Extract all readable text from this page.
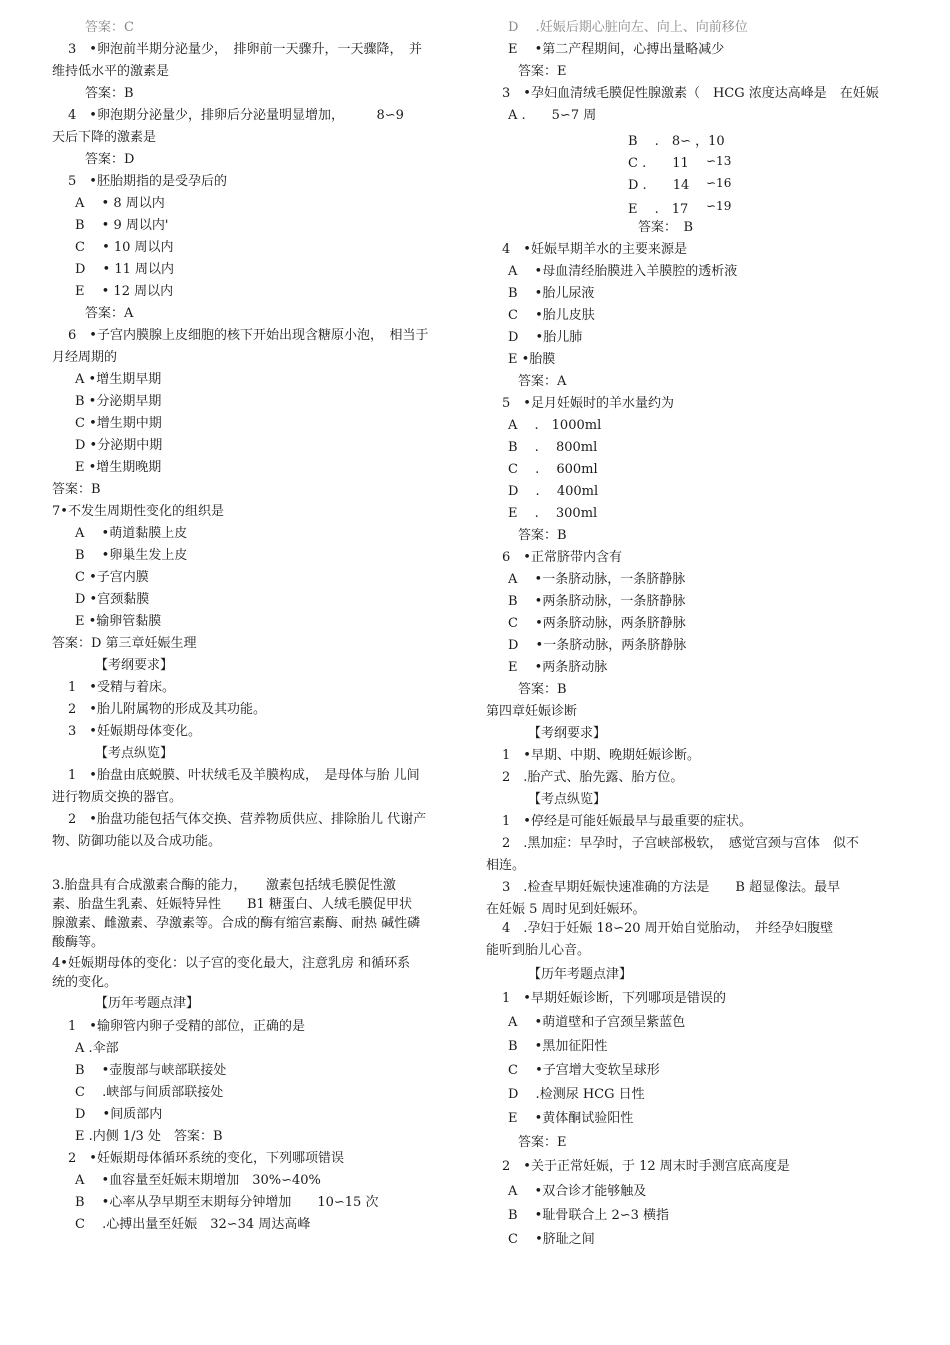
答案：C
3　•卵泡前半期分泌量少，　排卵前一天骤升，一天骤降，　并
维持低水平的激素是
答案：B
4　•卵泡期分泌量少，排卵后分泌量明显增加，　　　8∽9
天后下降的激素是
答案：D
5　•胚胎期指的是受孕后的
A　 • 8 周以内
B　 • 9 周以内'
C　 • 10 周以内
D　 • 11 周以内
E　 • 12 周以内
答案：A
6　•子宫内膜腺上皮细胞的核下开始出现含糖原小泡，　相当于
月经周期的
A •增生期早期
B •分泌期早期
C •增生期中期
D •分泌期中期
E •增生期晚期
答案：B
7•不发生周期性变化的组织是
A　 •萌道黏膜上皮
B　 •卵巢生发上皮
C •子宫内膜
D •宫颈黏膜
E •输卵管黏膜
答案：D 第三章妊娠生理
【考纲要求】
1　•受精与着床。
2　•胎儿附属物的形成及其功能。
3　•妊娠期母体变化。
【考点纵览】
1　•胎盘由底蜕膜、叶状绒毛及羊膜构成，　是母体与胎 儿间
进行物质交换的器官。
2　•胎盘功能包括气体交换、营养物质供应、排除胎儿 代谢产
物、防御功能以及合成功能。
3.胎盘具有合成激素合酶的能力，　　激素包括绒毛膜促性激
素、胎盘生乳素、妊娠特异性　　B1 糖蛋白、人绒毛膜促甲状
腺激素、雌激素、孕激素等。合成的酶有缩宫素酶、耐热 碱性磷
酸酶等。
4•妊娠期母体的变化：以子宫的变化最大，注意乳房 和循环系
统的变化。
【历年考题点津】
1　•输卵管内卵子受精的部位，正确的是
A .伞部
B　 •壶腹部与峡部联接处
C　 .峡部与间质部联接处
D　 •间质部内
E .内侧 1/3 处　答案：B
2　•妊娠期母体循环系统的变化，下列哪项错误
A　 •血容量至妊娠末期增加　30%∽40%
B　 •心率从孕早期至末期每分钟增加　　10∽15 次
C　 .心搏出量至妊娠　32∽34 周达高峰
D　 .妊娠后期心脏向左、向上、向前移位
E　 •第二产程期间，心搏出量略减少
答案：E
3　•孕妇血清绒毛膜促性腺激素（　HCG 浓度达高峰是　在妊娠
A .　　5∽7 周
B　 .　8∽ ，10
C .　　11 ∽13
D .　　14 ∽16
E　 .　17 ∽19
答案：　B
4　•妊娠早期羊水的主要来源是
A　 •母血清经胎膜进入羊膜腔的透析液
B　 •胎儿尿液
C　 •胎儿皮肤
D　 •胎儿肺
E •胎膜
答案：A
5　•足月妊娠时的羊水量约为
A　 .　1000ml
B　 .　 800ml
C　 .　 600ml
D　 .　 400ml
E　 .　 300ml
答案：B
6　•正常脐带内含有
A　 •一条脐动脉，一条脐静脉
B　 •两条脐动脉，一条脐静脉
C　 •两条脐动脉，两条脐静脉
D　 •一条脐动脉，两条脐静脉
E　 •两条脐动脉
答案：B
第四章妊娠诊断
【考纲要求】
1　•早期、中期、晚期妊娠诊断。
2　.胎产式、胎先露、胎方位。
【考点纵览】
1　•停经是可能妊娠最早与最重要的症状。
2　.黑加症：早孕时，子宫峡部极软，　感觉宫颈与宫体　似不
相连。
3　.检查早期妊娠快速准确的方法是　　B 超显像法。最早
在妊娠 5 周时见到妊娠环。
4　.孕妇于妊娠 18∽20 周开始自觉胎动，　并经孕妇腹壁
能听到胎儿心音。
【历年考题点津】
1　•早期妊娠诊断，下列哪项是错误的
A　 •萌道壁和子宫颈呈紫蓝色
B　 •黑加征阳性
C　 •子宫增大变软呈球形
D　 .检测尿 HCG 日性
E　 •黄体酮试验阳性
答案：E
2　•关于正常妊娠，于 12 周末时手测宫底高度是
A　 •双合诊才能够触及
B　 •耻骨联合上 2∽3 横指
C　 •脐耻之间
